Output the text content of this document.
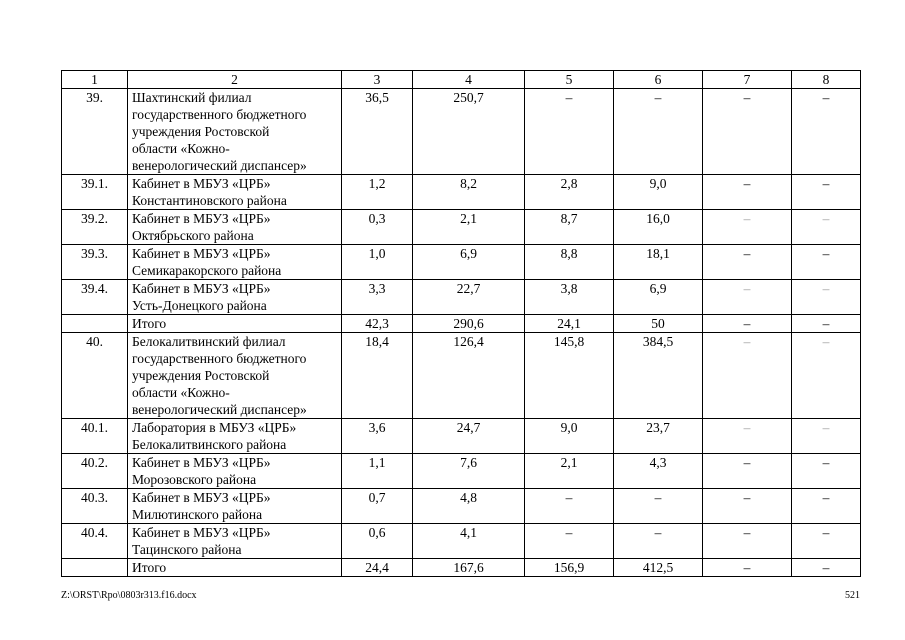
1	2	3	4	5	6	7	8
39.	Шахтинский филиал
государственного бюджетного
учреждения Ростовской
области «Кожно-
венерологический диспансер»	36,5	250,7	–	–	–	–
39.1.	Кабинет в МБУЗ «ЦРБ»
Константиновского района	1,2	8,2	2,8	9,0	–	–
39.2.	Кабинет в МБУЗ «ЦРБ»
Октябрьского района	0,3	2,1	8,7	16,0	–	–
39.3.	Кабинет в МБУЗ «ЦРБ»
Семикаракорского района	1,0	6,9	8,8	18,1	–	–
39.4.	Кабинет в МБУЗ «ЦРБ»
Усть-Донецкого района	3,3	22,7	3,8	6,9	–	–

	Итого	42,3	290,6	24,1	50	–	–
40.	Белокалитвинский филиал
государственного бюджетного
учреждения Ростовской
области «Кожно-
венерологический диспансер»	18,4	126,4	145,8	384,5	–	–
40.1.	Лаборатория в МБУЗ «ЦРБ»
Белокалитвинского района	3,6	24,7	9,0	23,7	–	–
40.2.	Кабинет в МБУЗ «ЦРБ»
Морозовского района	1,1	7,6	2,1	4,3	–	–
40.3.	Кабинет в МБУЗ «ЦРБ»
Милютинского района	0,7	4,8	–	–	–	–
40.4.	Кабинет в МБУЗ «ЦРБ»
Тацинского района	0,6	4,1	–	–	–	–

	Итого	24,4	167,6	156,9	412,5	–	–
Z:\ORST\Rpo\0803r313.f16.docx	521
